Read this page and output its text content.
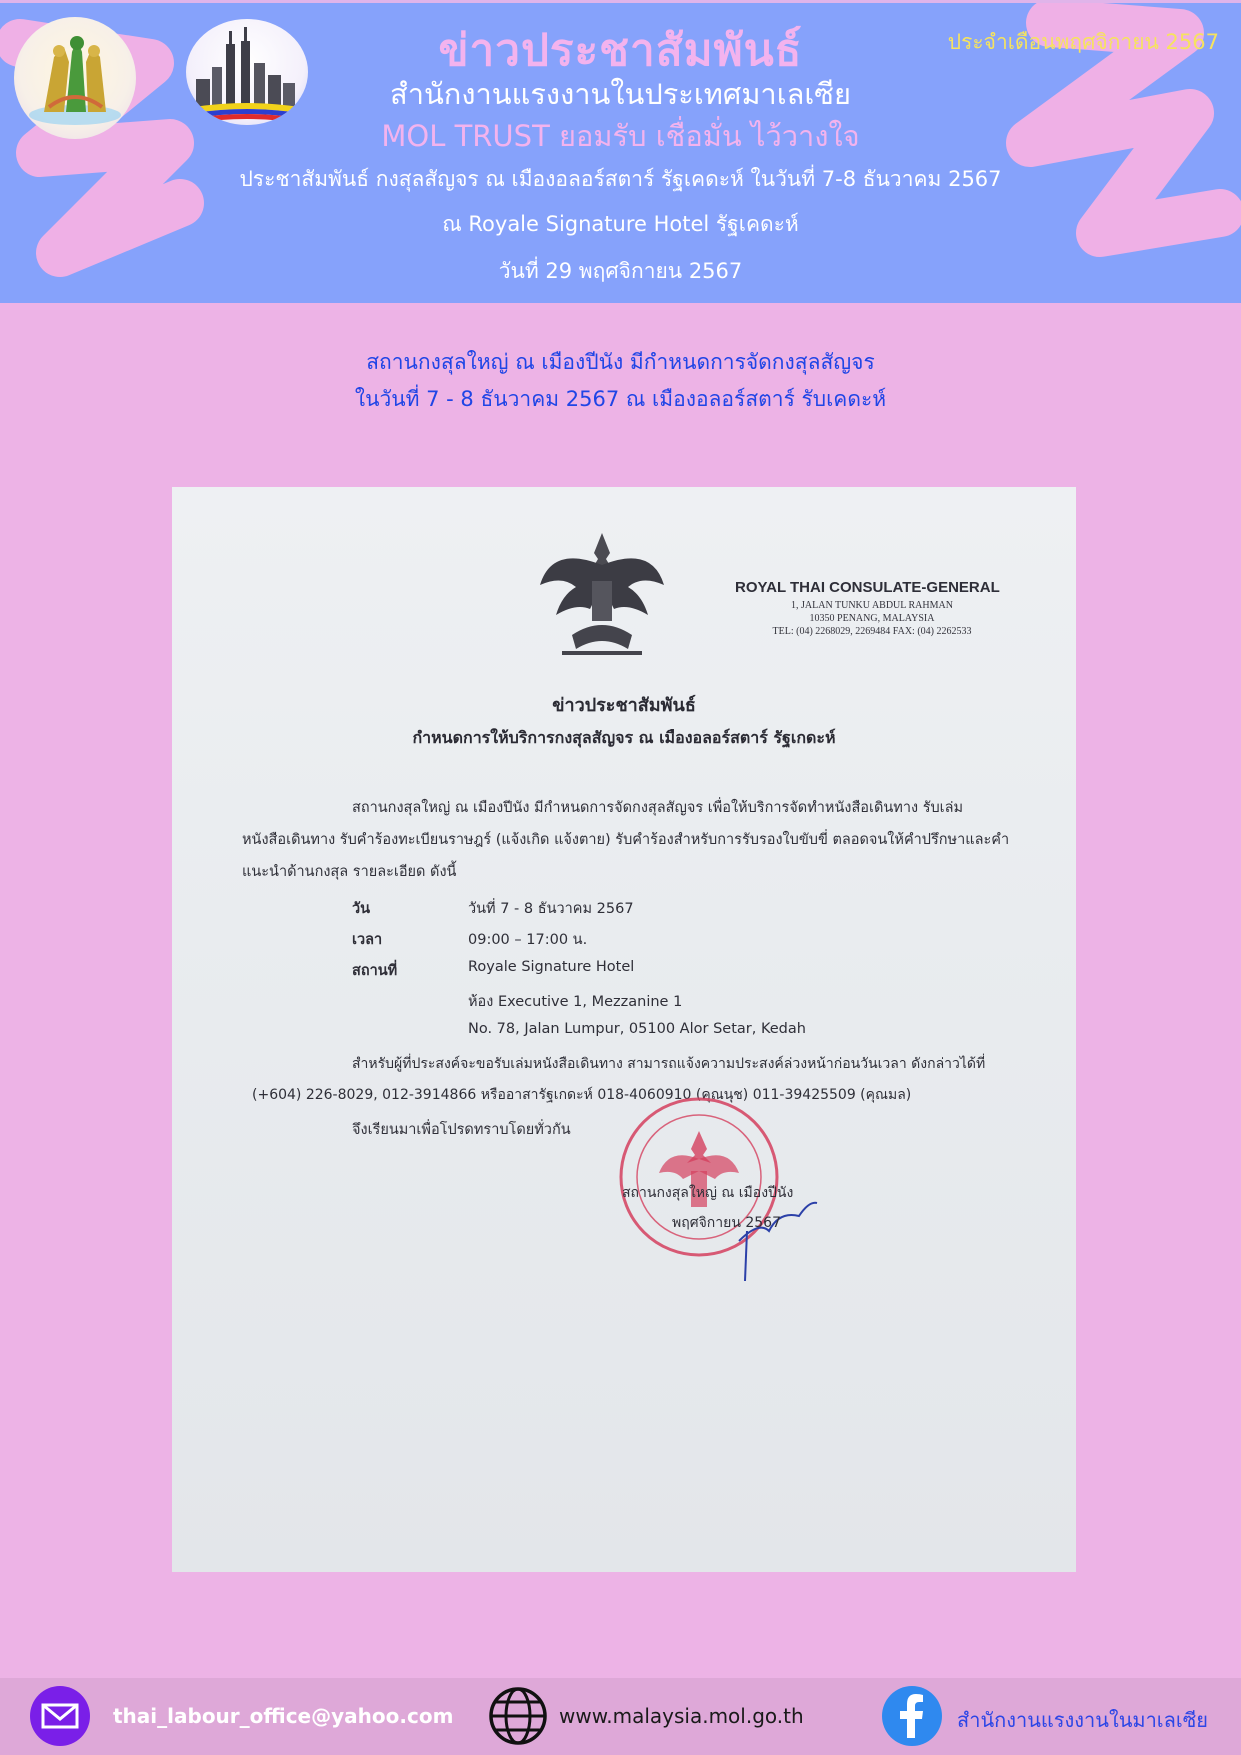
ข่าวประชาสัมพันธ์
สำนักงานแรงงานในประเทศมาเลเซีย
MOL TRUST ยอมรับ เชื่อมั่น ไว้วางใจ
ประชาสัมพันธ์ กงสุลสัญจร ณ เมืองอลอร์สตาร์ รัฐเคดะห์ ในวันที่ 7-8 ธันวาคม 2567
ณ Royale Signature Hotel รัฐเคดะห์
วันที่ 29 พฤศจิกายน 2567
ประจำเดือนพฤศจิกายน 2567
สถานกงสุลใหญ่ ณ เมืองปีนัง มีกำหนดการจัดกงสุลสัญจร
ในวันที่ 7 - 8 ธันวาคม 2567 ณ เมืองอลอร์สตาร์ รับเคดะห์
ROYAL THAI CONSULATE-GENERAL
1, JALAN TUNKU ABDUL RAHMAN
10350 PENANG, MALAYSIA
TEL: (04) 2268029, 2269484 FAX: (04) 2262533
ข่าวประชาสัมพันธ์
กำหนดการให้บริการกงสุลสัญจร ณ เมืองอลอร์สตาร์ รัฐเกดะห์
สถานกงสุลใหญ่ ณ เมืองปีนัง มีกำหนดการจัดกงสุลสัญจร เพื่อให้บริการจัดทำหนังสือเดินทาง รับเล่มหนังสือเดินทาง รับคำร้องทะเบียนราษฎร์ (แจ้งเกิด แจ้งตาย) รับคำร้องสำหรับการรับรองใบขับขี่ ตลอดจนให้คำปรึกษาและคำแนะนำด้านกงสุล รายละเอียด ดังนี้
วัน	วันที่ 7 - 8 ธันวาคม 2567
เวลา	09:00 – 17:00 น.
สถานที่	Royale Signature Hotel
ห้อง Executive 1, Mezzanine 1
No. 78, Jalan Lumpur, 05100 Alor Setar, Kedah
สำหรับผู้ที่ประสงค์จะขอรับเล่มหนังสือเดินทาง สามารถแจ้งความประสงค์ล่วงหน้าก่อนวันเวลา ดังกล่าวได้ที่ (+604) 226-8029, 012-3914866 หรืออาสารัฐเกดะห์ 018-4060910 (คุณนุช) 011-39425509 (คุณมล)
จึงเรียนมาเพื่อโปรดทราบโดยทั่วกัน
สถานกงสุลใหญ่ ณ เมืองปีนัง
พฤศจิกายน 2567
thai_labour_office@yahoo.com	www.malaysia.mol.go.th	สำนักงานแรงงานในมาเลเซีย
